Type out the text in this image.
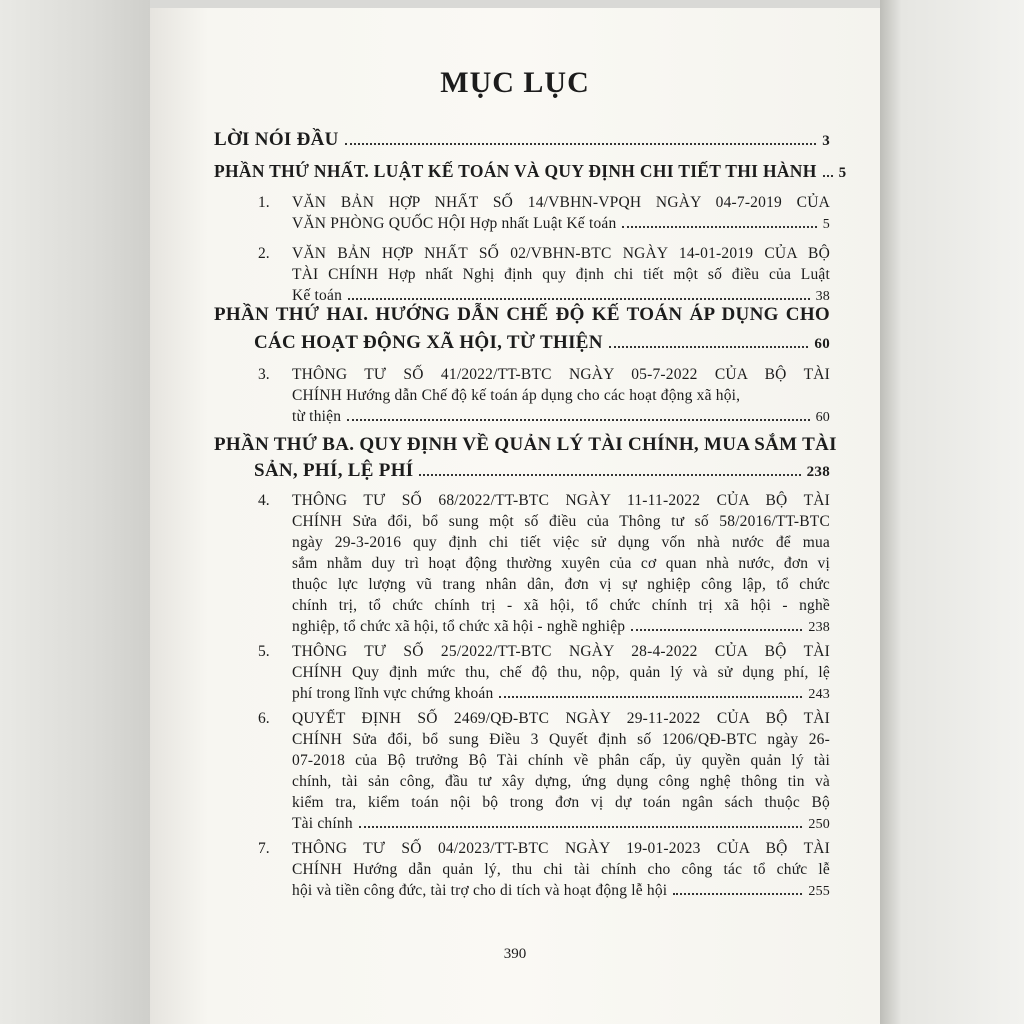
MỤC LỤC
LỜI NÓI ĐẦU	3
PHẦN THỨ NHẤT. LUẬT KẾ TOÁN VÀ QUY ĐỊNH CHI TIẾT THI HÀNH 5
1. VĂN BẢN HỢP NHẤT SỐ 14/VBHN-VPQH NGÀY 04-7-2019 CỦA
VĂN PHÒNG QUỐC HỘI Hợp nhất Luật Kế toán	5
2. VĂN BẢN HỢP NHẤT SỐ 02/VBHN-BTC NGÀY 14-01-2019 CỦA BỘ
TÀI CHÍNH Hợp nhất Nghị định quy định chi tiết một số điều của Luật
Kế toán	38
PHẦN THỨ HAI. HƯỚNG DẪN CHẾ ĐỘ KẾ TOÁN ÁP DỤNG CHO
CÁC HOẠT ĐỘNG XÃ HỘI, TỪ THIỆN	60
3. THÔNG TƯ SỐ 41/2022/TT-BTC NGÀY 05-7-2022 CỦA BỘ TÀI
CHÍNH Hướng dẫn Chế độ kế toán áp dụng cho các hoạt động xã hội,
từ thiện	60
PHẦN THỨ BA. QUY ĐỊNH VỀ QUẢN LÝ TÀI CHÍNH, MUA SẮM TÀI
SẢN, PHÍ, LỆ PHÍ	238
4. THÔNG TƯ SỐ 68/2022/TT-BTC NGÀY 11-11-2022 CỦA BỘ TÀI
CHÍNH Sửa đổi, bổ sung một số điều của Thông tư số 58/2016/TT-BTC
ngày 29-3-2016 quy định chi tiết việc sử dụng vốn nhà nước để mua
sắm nhằm duy trì hoạt động thường xuyên của cơ quan nhà nước, đơn vị
thuộc lực lượng vũ trang nhân dân, đơn vị sự nghiệp công lập, tổ chức
chính trị, tổ chức chính trị - xã hội, tổ chức chính trị xã hội - nghề
nghiệp, tổ chức xã hội, tổ chức xã hội - nghề nghiệp	238
5. THÔNG TƯ SỐ 25/2022/TT-BTC NGÀY 28-4-2022 CỦA BỘ TÀI
CHÍNH Quy định mức thu, chế độ thu, nộp, quản lý và sử dụng phí, lệ
phí trong lĩnh vực chứng khoán	243
6. QUYẾT ĐỊNH SỐ 2469/QĐ-BTC NGÀY 29-11-2022 CỦA BỘ TÀI
CHÍNH Sửa đổi, bổ sung Điều 3 Quyết định số 1206/QĐ-BTC ngày 26-
07-2018 của Bộ trưởng Bộ Tài chính về phân cấp, ủy quyền quản lý tài
chính, tài sản công, đầu tư xây dựng, ứng dụng công nghệ thông tin và
kiểm tra, kiểm toán nội bộ trong đơn vị dự toán ngân sách thuộc Bộ
Tài chính	250
7. THÔNG TƯ SỐ 04/2023/TT-BTC NGÀY 19-01-2023 CỦA BỘ TÀI
CHÍNH Hướng dẫn quản lý, thu chi tài chính cho công tác tổ chức lễ
hội và tiền công đức, tài trợ cho di tích và hoạt động lễ hội	255
390
